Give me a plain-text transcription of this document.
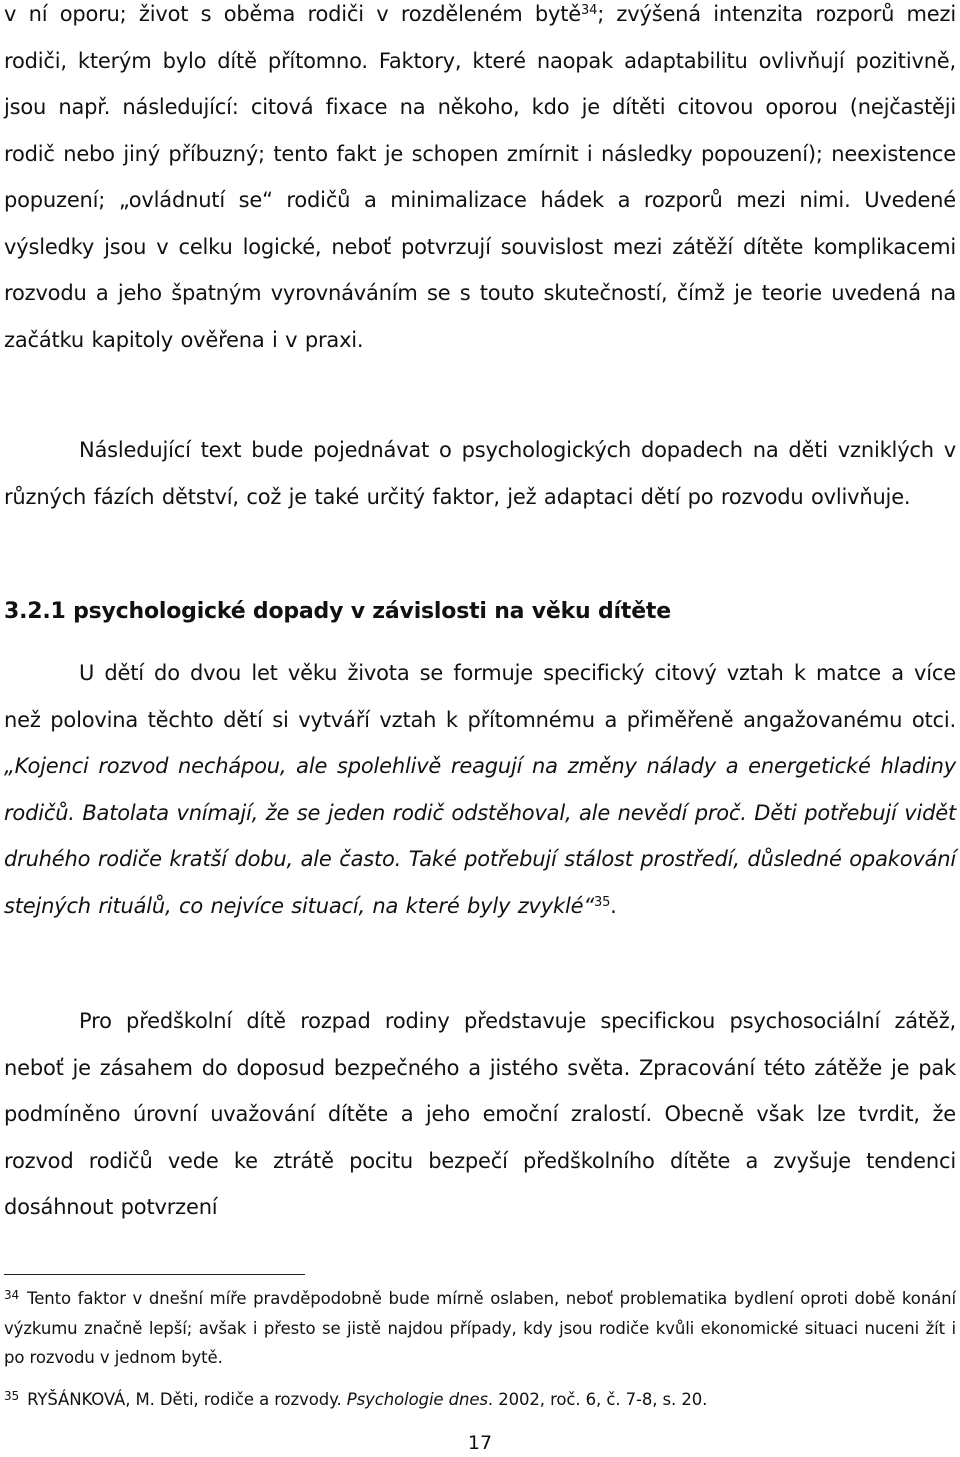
v ní oporu; život s oběma rodiči v rozděleném bytě$^{34}$; zvýšená intenzita rozporů mezi rodiči, kterým bylo dítě přítomno. Faktory, které naopak adaptabilitu ovlivňují pozitivně, jsou např. následující: citová fixace na někoho, kdo je dítěti citovou oporou (nejčastěji rodič nebo jiný příbuzný; tento fakt je schopen zmírnit i následky popouzení); neexistence popuzení; „ovládnutí se“ rodičů a minimalizace hádek a rozporů mezi nimi. Uvedené výsledky jsou v celku logické, neboť potvrzují souvislost mezi zátěží dítěte komplikacemi rozvodu a jeho špatným vyrovnáváním se s touto skutečností, čímž je teorie uvedená na začátku kapitoly ověřena i v praxi.

Následující text bude pojednávat o psychologických dopadech na děti vzniklých v různých fázích dětství, což je také určitý faktor, jež adaptaci dětí po rozvodu ovlivňuje.

3.2.1 psychologické dopady v závislosti na věku dítěte

U dětí do dvou let věku života se formuje specifický citový vztah k matce a více než polovina těchto dětí si vytváří vztah k přítomnému a přiměřeně angažovanému otci. „Kojenci rozvod nechápou, ale spolehlivě reagují na změny nálady a energetické hladiny rodičů. Batolata vnímají, že se jeden rodič odstěhoval, ale nevědí proč. Děti potřebují vidět druhého rodiče kratší dobu, ale často. Také potřebují stálost prostředí, důsledné opakování stejných rituálů, co nejvíce situací, na které byly zvyklé“$^{35}$.

Pro předškolní dítě rozpad rodiny představuje specifickou psychosociální zátěž, neboť je zásahem do doposud bezpečného a jistého světa. Zpracování této zátěže je pak podmíněno úrovní uvažování dítěte a jeho emoční zralostí. Obecně však lze tvrdit, že rozvod rodičů vede ke ztrátě pocitu bezpečí předškolního dítěte a zvyšuje tendenci dosáhnout potvrzení

$^{34}$ Tento faktor v dnešní míře pravděpodobně bude mírně oslaben, neboť problematika bydlení oproti době konání výzkumu značně lepší; avšak i přesto se jistě najdou případy, kdy jsou rodiče kvůli ekonomické situaci nuceni žít i po rozvodu v jednom bytě.

$^{35}$ RYŠÁNKOVÁ, M. Děti, rodiče a rozvody. Psychologie dnes. 2002, roč. 6, č. 7-8, s. 20.

17
